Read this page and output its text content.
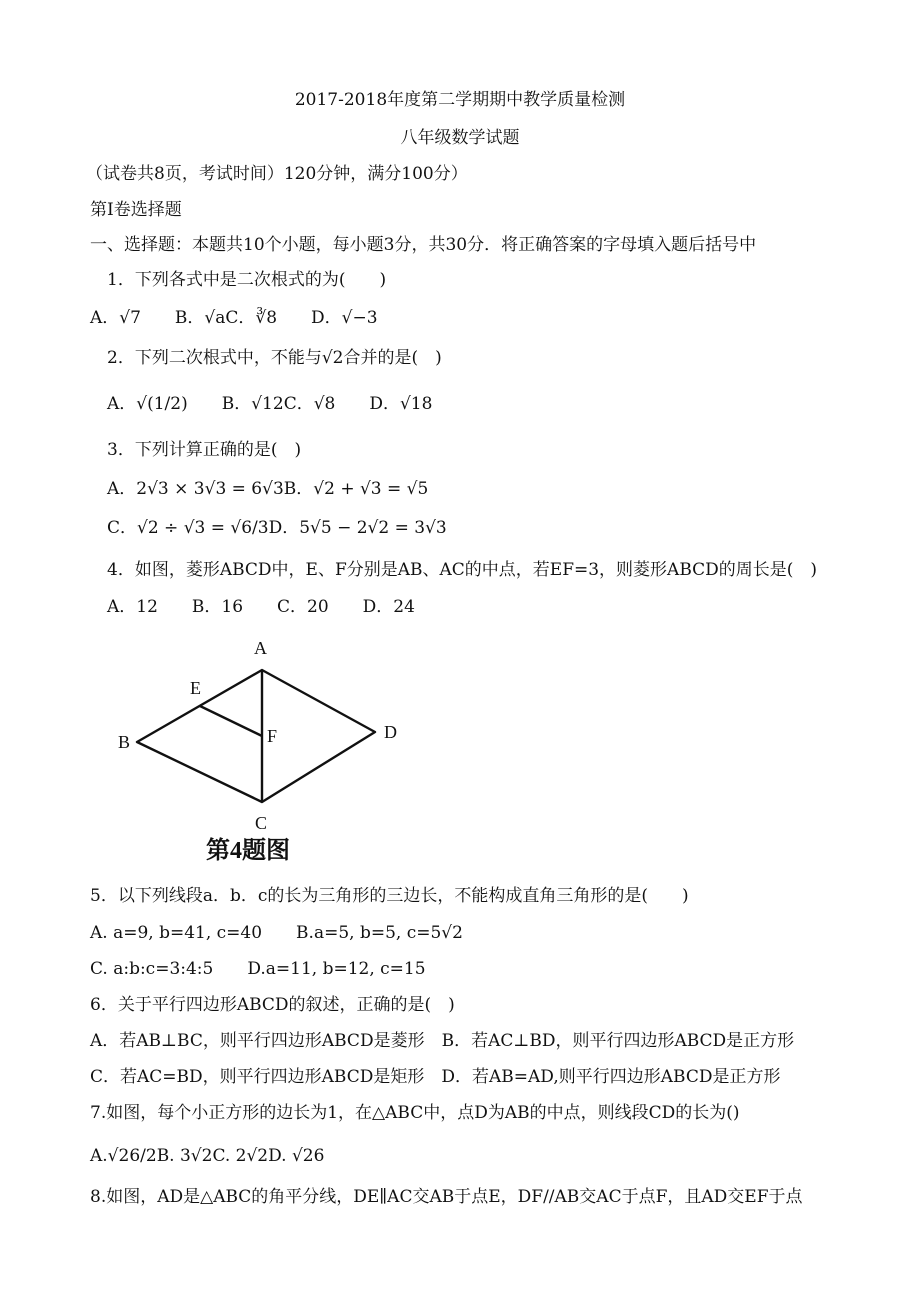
2017-2018年度第二学期期中教学质量检测
八年级数学试题
（试卷共8页，考试时间）120分钟，满分100分）
第I卷选择题
一、选择题：本题共10个小题，每小题3分，共30分．将正确答案的字母填入题后括号中
1．下列各式中是二次根式的为(　　)
A．√7　　B．√aC．∛8　　D．√−3
2．下列二次根式中，不能与√2合并的是(　)
A．√(1/2)　　B．√12C．√8　　D．√18
3．下列计算正确的是(　)
A．2√3 × 3√3 = 6√3B．√2 + √3 = √5
C．√2 ÷ √3 = √6/3D．5√5 − 2√2 = 3√3
4．如图，菱形ABCD中，E、F分别是AB、AC的中点，若EF=3，则菱形ABCD的周长是(　)
A．12　　B．16　　C．20　　D．24
A
B
C
D
E
F
第4题图
5．以下列线段a．b．c的长为三角形的三边长，不能构成直角三角形的是(　　)
A. a=9, b=41, c=40　　B.a=5, b=5, c=5√2
C. a:b:c=3:4:5　　D.a=11, b=12, c=15
6．关于平行四边形ABCD的叙述，正确的是(　)
A．若AB⊥BC，则平行四边形ABCD是菱形　B．若AC⊥BD，则平行四边形ABCD是正方形
C．若AC=BD，则平行四边形ABCD是矩形　D．若AB=AD,则平行四边形ABCD是正方形
7.如图，每个小正方形的边长为1，在△ABC中，点D为AB的中点，则线段CD的长为()
A.√26/2B. 3√2C. 2√2D. √26
8.如图，AD是△ABC的角平分线，DE∥AC交AB于点E，DF//AB交AC于点F，且AD交EF于点
